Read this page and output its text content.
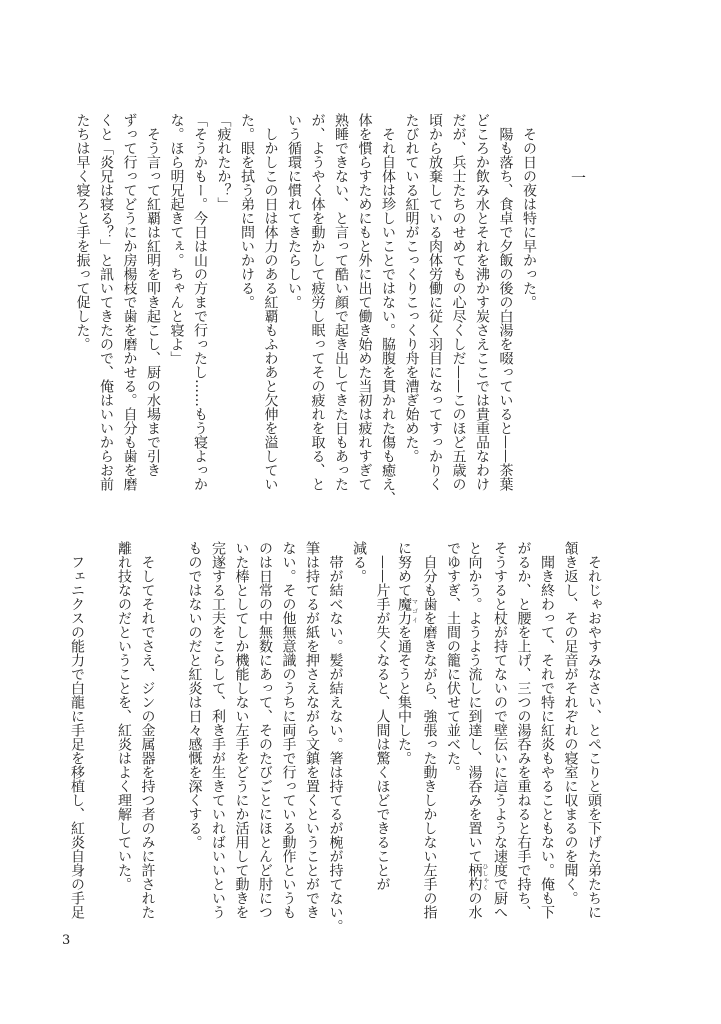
一
　その日の夜は特に早かった。
　陽も落ち、食卓で夕飯の後の白湯を啜っていると——茶葉
どころか飲み水とそれを沸かす炭さえここでは貴重品なわけ
だが、兵士たちのせめてもの心尽くしだ——このほど五歳の
頃から放棄している肉体労働に従く羽目になってすっかりく
たびれている紅明がこっくりこっくり舟を漕ぎ始めた。
　それ自体は珍しいことではない。脇腹を貫かれた傷も癒え、
体を慣らすためにもと外に出て働き始めた当初は疲れすぎて
熟睡できない、と言って酷い顔で起き出してきた日もあった
が、ようやく体を動かして疲労し眠ってその疲れを取る、と
いう循環に慣れてきたらしい。
　しかしこの日は体力のある紅覇もふわあと欠伸を溢してい
た。眼を拭う弟に問いかける。
「疲れたか？」
「そうかもー。今日は山の方まで行ったし……もう寝よっか
な。ほら明兄起きてぇ。ちゃんと寝よ」
　そう言って紅覇は紅明を叩き起こし、厨の水場まで引き
ずって行ってどうにか房楊枝で歯を磨かせる。自分も歯を磨
くと「炎兄は寝る？」と訊いてきたので、俺はいいからお前
たちは早く寝ろと手を振って促した。
　それじゃおやすみなさい、とぺこりと頭を下げた弟たちに
頷き返し、その足音がそれぞれの寝室に収まるのを聞く。
　聞き終わって、それで特に紅炎もやることもない。俺も下
がるか、と腰を上げ、三つの湯呑みを重ねると右手で持ち、
そうすると杖が持てないので壁伝いに這うような速度で厨へ
と向かう。ようよう流しに到達し、湯呑みを置いて柄杓ひしゃくの水
でゆすぎ、土間の籠に伏せて並べた。
　自分も歯を磨きながら、強張った動きしかしない左手の指
に努めて魔力マゴイを通そうと集中した。
　——片手が失くなると、人間は驚くほどできることが
減る。
　帯が結べない。髪が結えない。箸は持てるが椀が持てない。
筆は持てるが紙を押さえながら文鎮を置くということができ
ない。その他無意識のうちに両手で行っている動作というも
のは日常の中無数にあって、そのたびごとにほとんど肘につ
いた棒としてしか機能しない左手をどうにか活用して動きを
完遂する工夫をこらして、利き手が生きていればいいという
ものではないのだと紅炎は日々感慨を深くする。
　そしてそれでさえ、ジンの金属器を持つ者のみに許された
離れ技なのだということを、紅炎はよく理解していた。
　フェニクスの能力で白龍に手足を移植し、紅炎自身の手足
3
